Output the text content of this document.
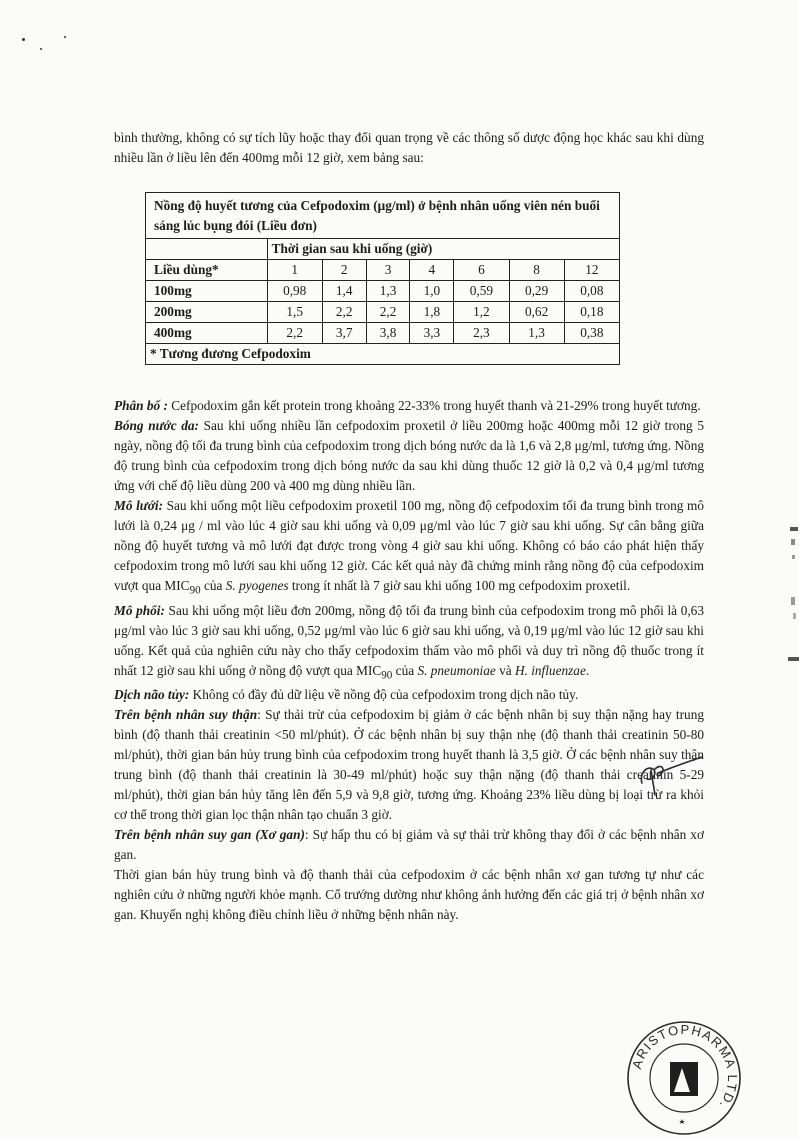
bình thường, không có sự tích lũy hoặc thay đổi quan trọng về các thông số dược động học khác sau khi dùng nhiều lần ở liều lên đến 400mg mỗi 12 giờ, xem bảng sau:
Nồng độ huyết tương của Cefpodoxim (μg/ml) ở bệnh nhân uống viên nén buổi sáng lúc bụng đói (Liều đơn)							
	Thời gian sau khi uống (giờ)						
Liều dùng*	1	2	3	4	6	8	12
100mg	0,98	1,4	1,3	1,0	0,59	0,29	0,08
200mg	1,5	2,2	2,2	1,8	1,2	0,62	0,18
400mg	2,2	3,7	3,8	3,3	2,3	1,3	0,38
* Tương đương Cefpodoxim							

Phân bố : Cefpodoxim gắn kết protein trong khoảng 22-33% trong huyết thanh và 21-29% trong huyết tương.

Bóng nước da: Sau khi uống nhiều lần cefpodoxim proxetil ở liều 200mg hoặc 400mg mỗi 12 giờ trong 5 ngày, nồng độ tối đa trung bình của cefpodoxim trong dịch bóng nước da là 1,6 và 2,8 μg/ml, tương ứng. Nồng độ trung bình của cefpodoxim trong dịch bóng nước da sau khi dùng thuốc 12 giờ là 0,2 và 0,4 μg/ml tương ứng với chế độ liều dùng 200 và 400 mg dùng nhiều lần.

Mô lưới: Sau khi uống một liều cefpodoxim proxetil 100 mg, nồng độ cefpodoxim tối đa trung bình trong mô lưới là 0,24 μg / ml vào lúc 4 giờ sau khi uống và 0,09 μg/ml vào lúc 7 giờ sau khi uống. Sự cân bằng giữa nồng độ huyết tương và mô lưới đạt được trong vòng 4 giờ sau khi uống. Không có báo cáo phát hiện thấy cefpodoxim trong mô lưới sau khi uống 12 giờ. Các kết quả này đã chứng minh rằng nồng độ của cefpodoxim vượt qua $MIC_{90}$ của S. pyogenes trong ít nhất là 7 giờ sau khi uống 100 mg cefpodoxim proxetil.

Mô phổi: Sau khi uống một liều đơn 200mg, nồng độ tối đa trung bình của cefpodoxim trong mô phổi là 0,63 μg/ml vào lúc 3 giờ sau khi uống, 0,52 μg/ml vào lúc 6 giờ sau khi uống, và 0,19 μg/ml vào lúc 12 giờ sau khi uống. Kết quả của nghiên cứu này cho thấy cefpodoxim thấm vào mô phổi và duy trì nồng độ thuốc trong ít nhất 12 giờ sau khi uống ở nồng độ vượt qua $MIC_{90}$ của S. pneumoniae và H. influenzae.

Dịch não tủy: Không có đầy đủ dữ liệu về nồng độ của cefpodoxim trong dịch não tủy.

Trên bệnh nhân suy thận: Sự thải trừ của cefpodoxim bị giảm ở các bệnh nhân bị suy thận nặng hay trung bình (độ thanh thải creatinin <50 ml/phút). Ở các bệnh nhân bị suy thận nhẹ (độ thanh thải creatinin 50-80 ml/phút), thời gian bán hủy trung bình của cefpodoxim trong huyết thanh là 3,5 giờ. Ở các bệnh nhân suy thận trung bình (độ thanh thải creatinin là 30-49 ml/phút) hoặc suy thận nặng (độ thanh thải creatinin 5-29 ml/phút), thời gian bán hủy tăng lên đến 5,9 và 9,8 giờ, tương ứng. Khoảng 23% liều dùng bị loại trừ ra khỏi cơ thể trong thời gian lọc thận nhân tạo chuẩn 3 giờ.

Trên bệnh nhân suy gan (Xơ gan): Sự hấp thu có bị giảm và sự thải trừ không thay đổi ở các bệnh nhân xơ gan.

Thời gian bán hủy trung bình và độ thanh thải của cefpodoxim ở các bệnh nhân xơ gan tương tự như các nghiên cứu ở những người khỏe mạnh. Cổ trướng dường như không ảnh hưởng đến các giá trị ở bệnh nhân xơ gan. Khuyến nghị không điều chỉnh liều ở những bệnh nhân này.

ARISTOPHARMA LTD.
